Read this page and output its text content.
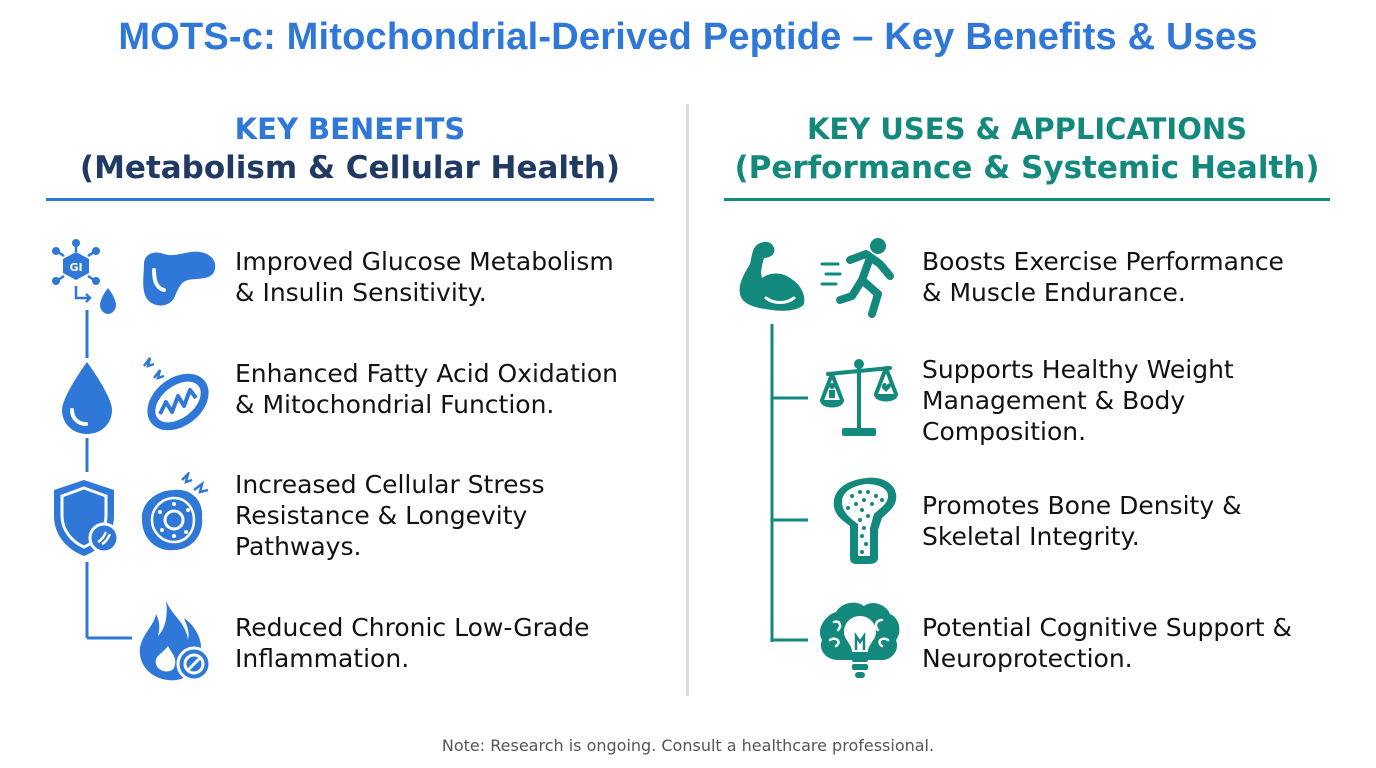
MOTS-c: Mitochondrial-Derived Peptide – Key Benefits & Uses
KEY BENEFITS
(Metabolism & Cellular Health)
KEY USES & APPLICATIONS
(Performance & Systemic Health)
GI	Improved Glucose Metabolism
& Insulin Sensitivity.
Enhanced Fatty Acid Oxidation
& Mitochondrial Function.
Increased Cellular Stress
Resistance & Longevity
Pathways.
Reduced Chronic Low-Grade
Inflammation.
Boosts Exercise Performance
& Muscle Endurance.
Supports Healthy Weight
Management & Body
Composition.
Promotes Bone Density &
Skeletal Integrity.
Potential Cognitive Support &
Neuroprotection.
Note: Research is ongoing. Consult a healthcare professional.
